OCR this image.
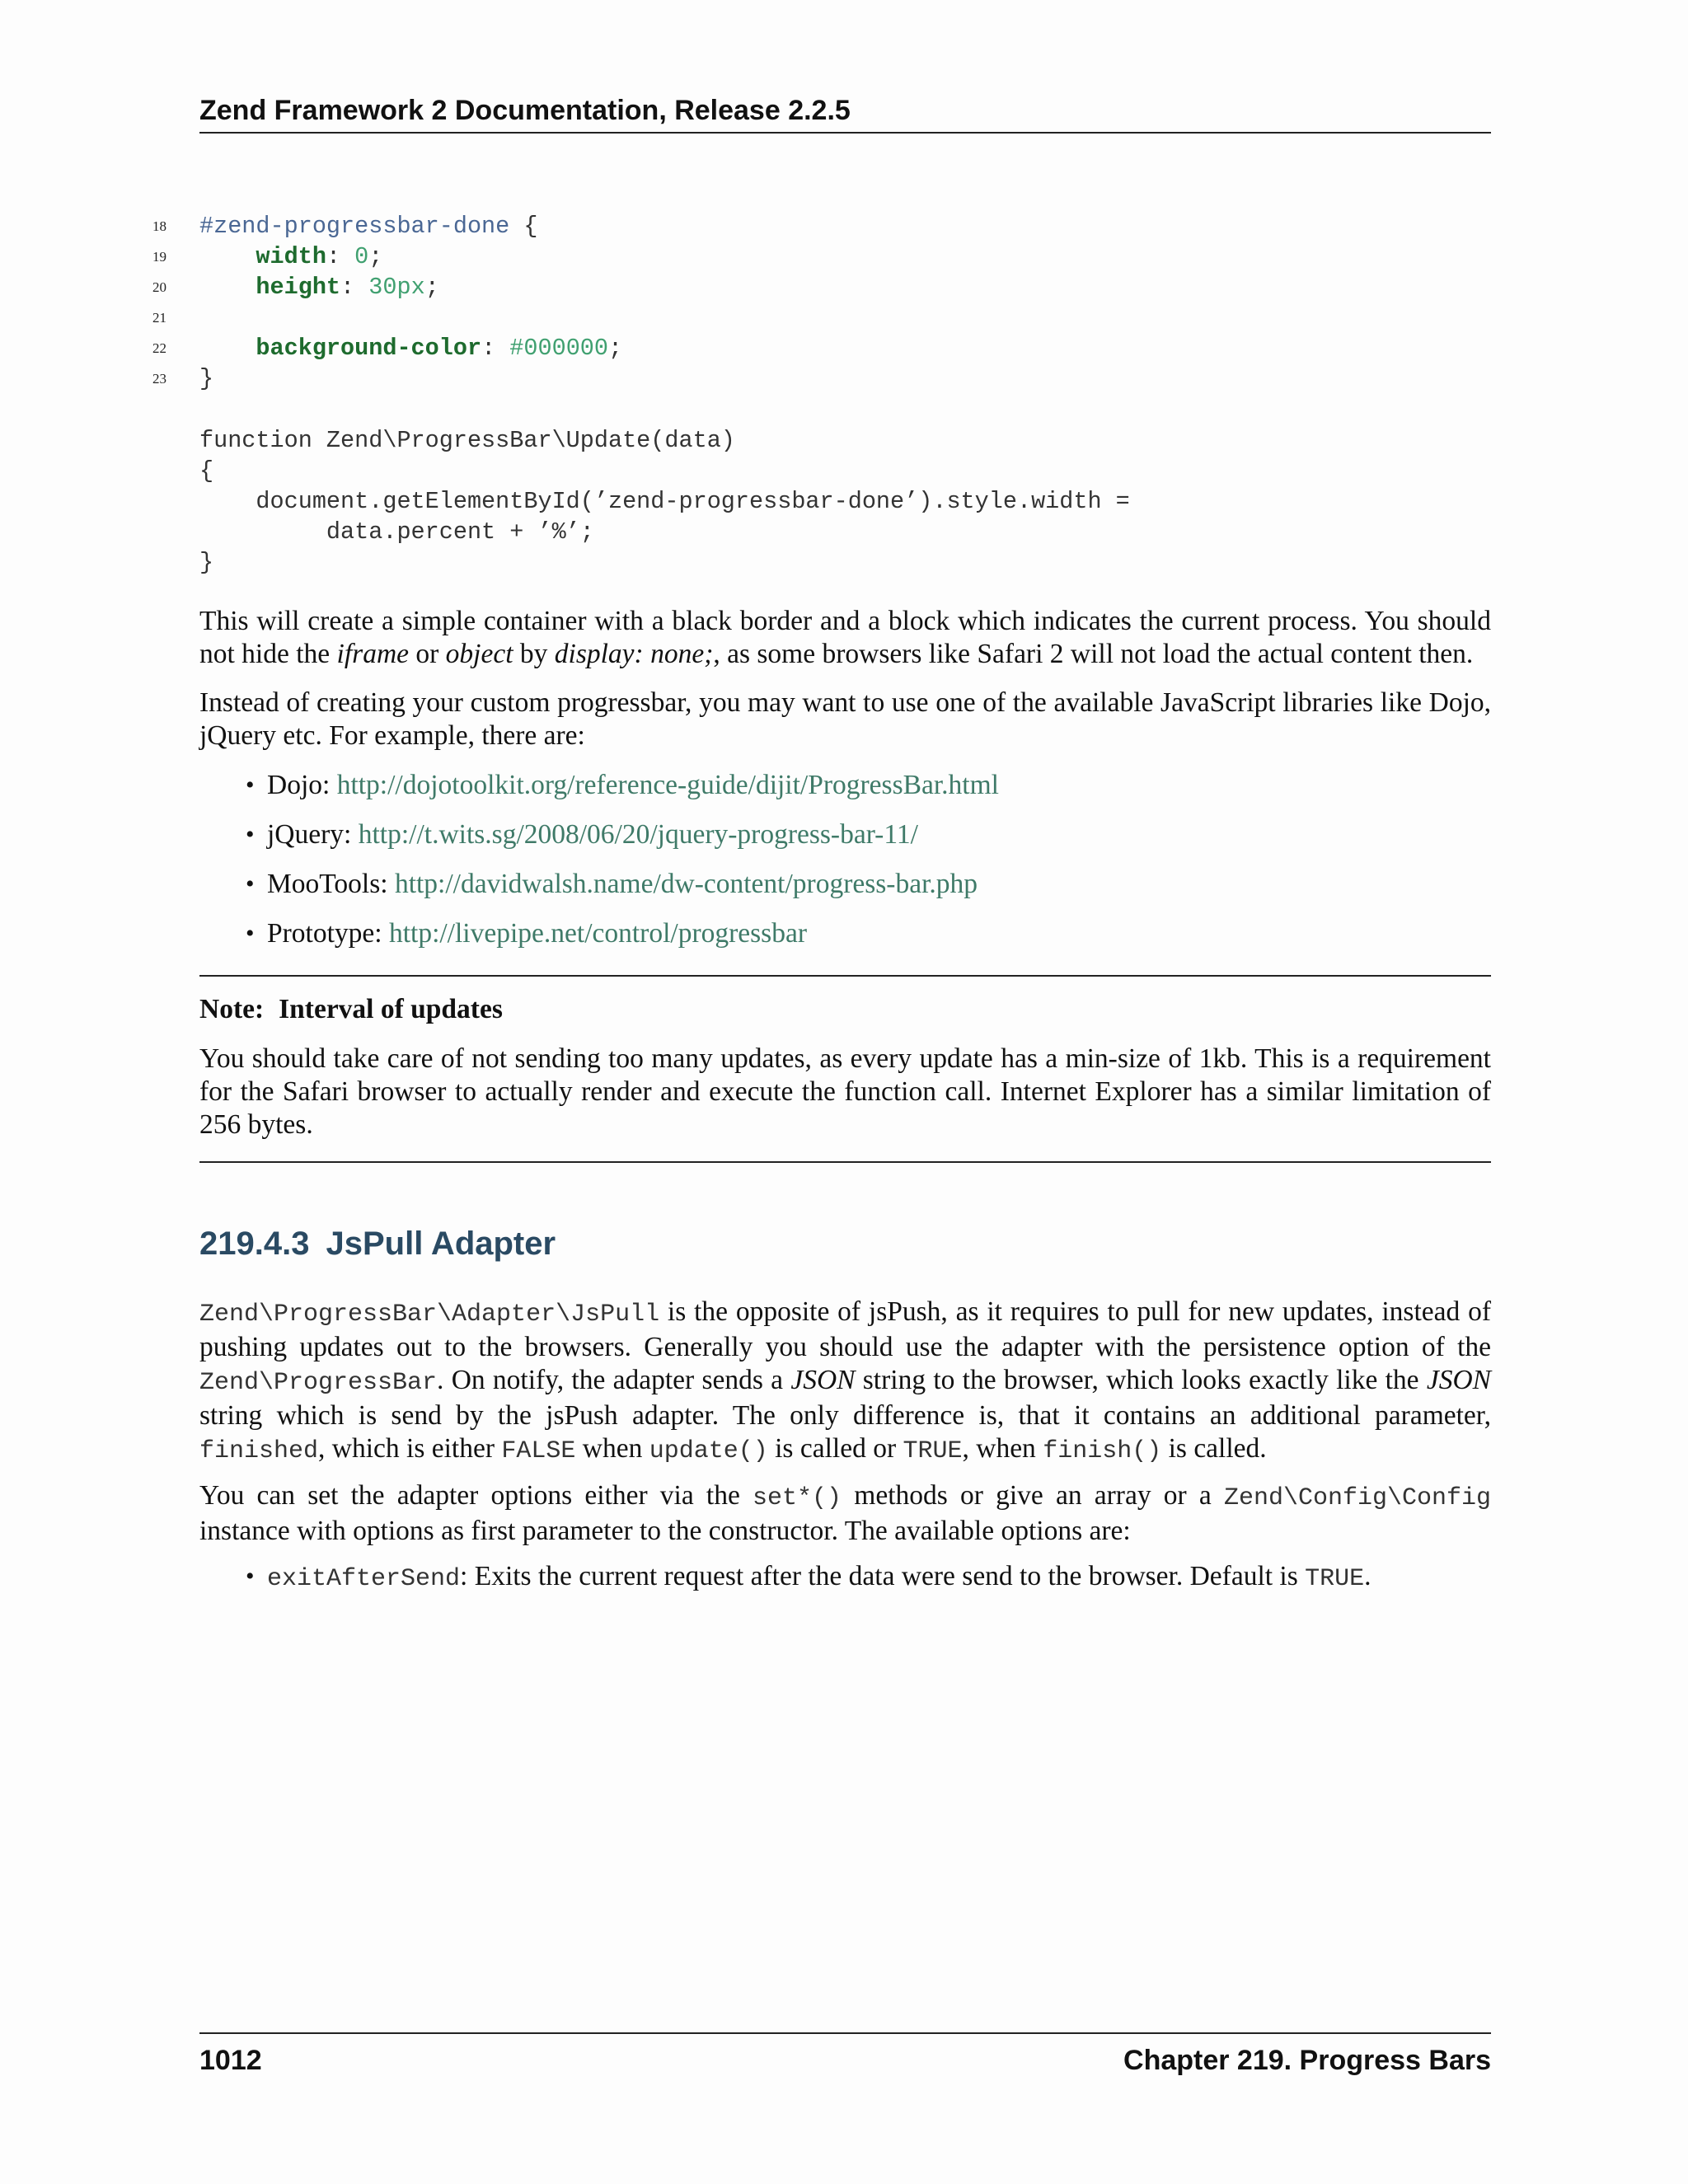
Zend Framework 2 Documentation, Release 2.2.5
18 #zend-progressbar-done {
19	width: 0;
20	height: 30px;
21
22	background-color: #000000;
23 }
function Zend\ProgressBar\Update(data)
{
document.getElementById(’zend-progressbar-done’).style.width =
data.percent + ’%’;
}

This will create a simple container with a black border and a block which indicates the current process. You should not hide the iframe or object by display: none;, as some browsers like Safari 2 will not load the actual content then.

Instead of creating your custom progressbar, you may want to use one of the available JavaScript libraries like Dojo, jQuery etc. For example, there are:

• Dojo: http://dojotoolkit.org/reference-guide/dijit/ProgressBar.html
• jQuery: http://t.wits.sg/2008/06/20/jquery-progress-bar-11/
• MooTools: http://davidwalsh.name/dw-content/progress-bar.php
• Prototype: http://livepipe.net/control/progressbar
Note: Interval of updates
You should take care of not sending too many updates, as every update has a min-size of 1kb. This is a requirement for the Safari browser to actually render and execute the function call. Internet Explorer has a similar limitation of 256 bytes.
219.4.3 JsPull Adapter

Zend\ProgressBar\Adapter\JsPull is the opposite of jsPush, as it requires to pull for new updates, instead of pushing updates out to the browsers. Generally you should use the adapter with the persistence option of the Zend\ProgressBar. On notify, the adapter sends a JSON string to the browser, which looks exactly like the JSON string which is send by the jsPush adapter. The only difference is, that it contains an additional parameter, finished, which is either FALSE when update() is called or TRUE, when finish() is called.

You can set the adapter options either via the set*() methods or give an array or a Zend\Config\Config instance with options as first parameter to the constructor. The available options are:

• exitAfterSend: Exits the current request after the data were send to the browser. Default is TRUE.
1012	Chapter 219. Progress Bars
